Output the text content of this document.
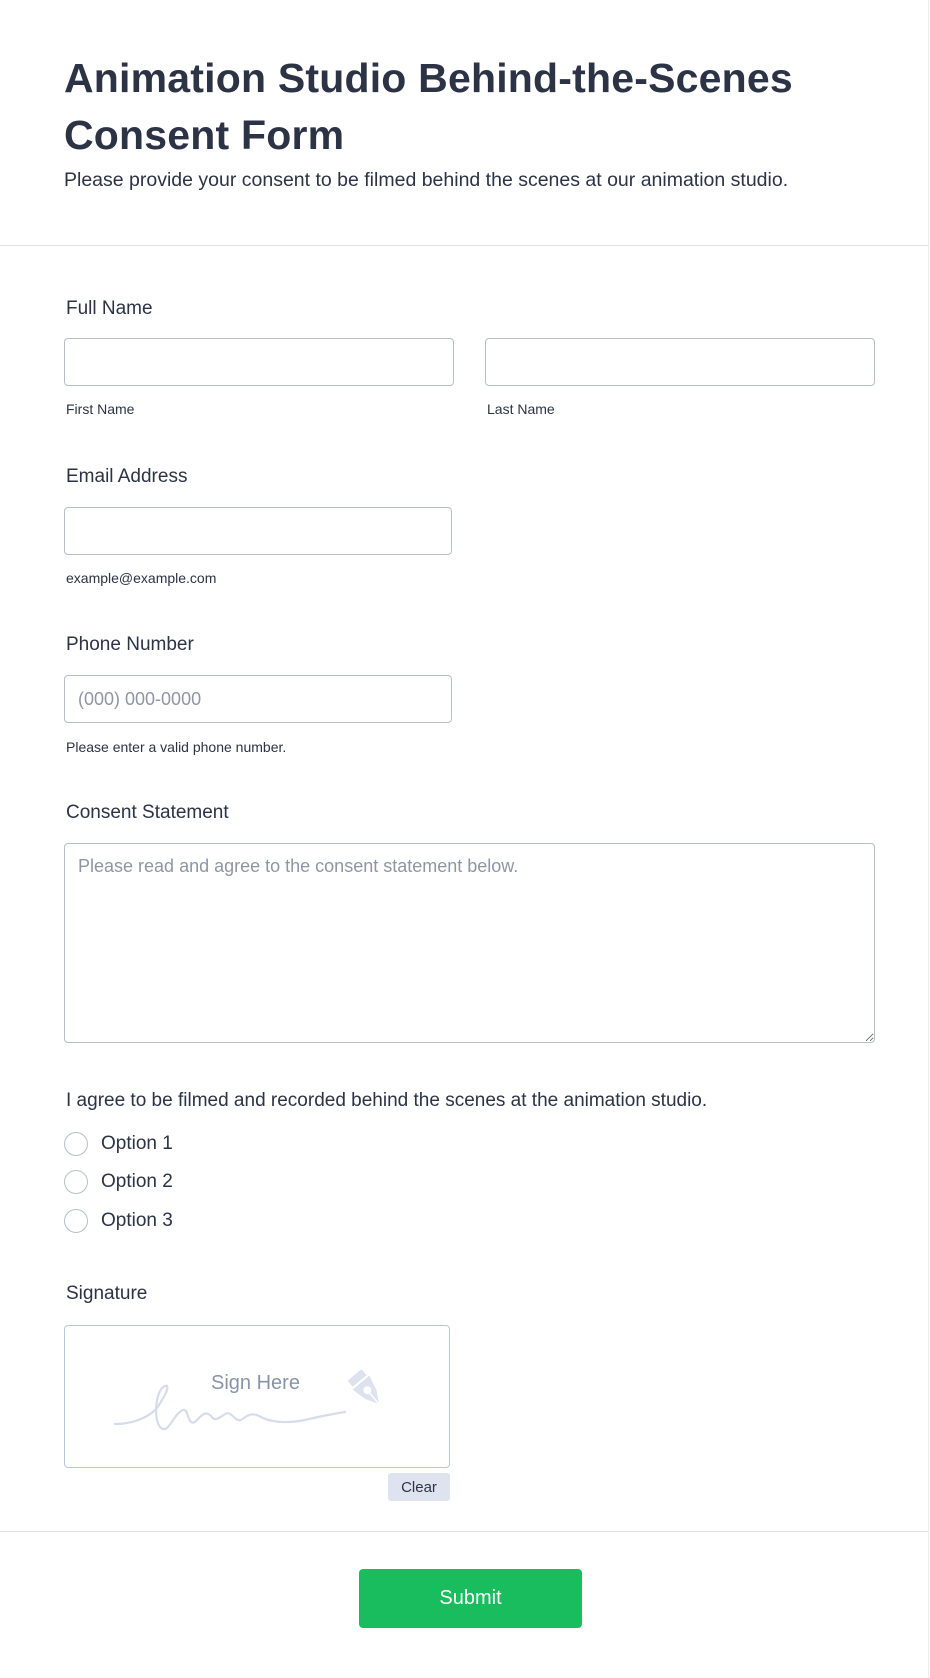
Animation Studio Behind-the-Scenes Consent Form

Please provide your consent to be filmed behind the scenes at our animation studio.

Full Name
First Name	Last Name
Email Address
example@example.com
Phone Number
(000) 000-0000
Please enter a valid phone number.
Consent Statement
Please read and agree to the consent statement below.
I agree to be filmed and recorded behind the scenes at the animation studio.
Option 1
Option 2
Option 3
Signature
Sign Here
Clear
Submit
